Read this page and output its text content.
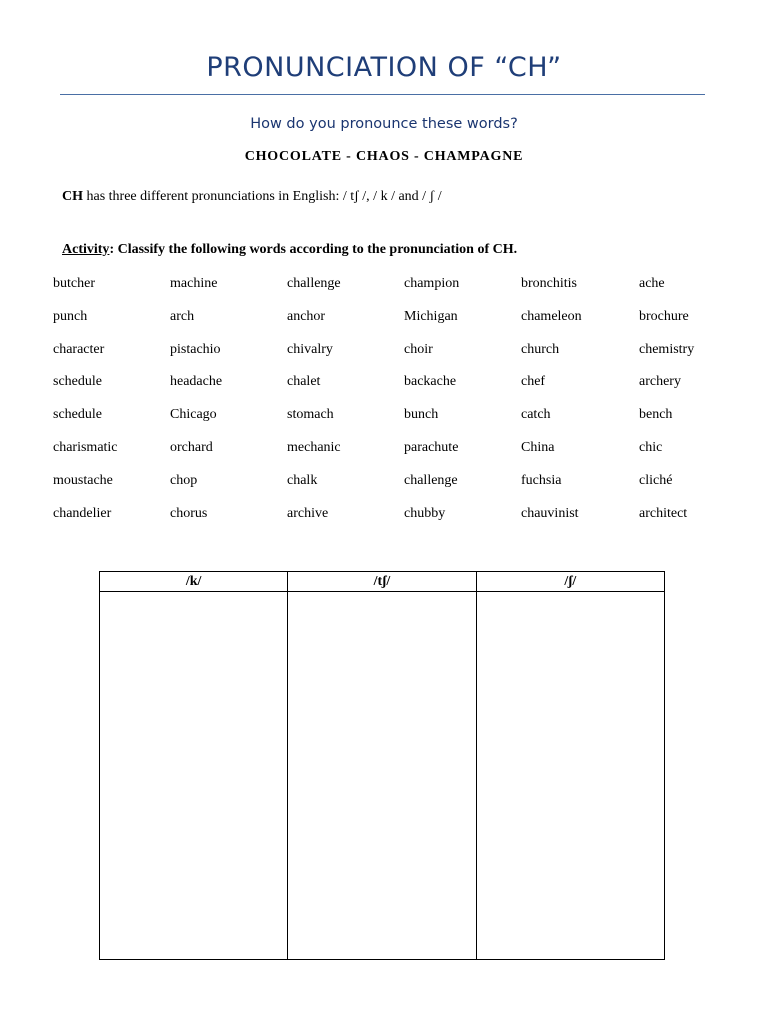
PRONUNCIATION OF “CH”
How do you pronounce these words?
CHOCOLATE - CHAOS - CHAMPAGNE
CH has three different pronunciations in English: / tʃ /, / k / and / ʃ /
Activity: Classify the following words according to the pronunciation of CH.
butcher	machine	challenge	champion	bronchitis	ache
punch	arch	anchor	Michigan	chameleon	brochure
character	pistachio	chivalry	choir	church	chemistry
schedule	headache	chalet	backache	chef	archery
schedule	Chicago	stomach	bunch	catch	bench
charismatic	orchard	mechanic	parachute	China	chic
moustache	chop	chalk	challenge	fuchsia	cliché
chandelier	chorus	archive	chubby	chauvinist	architect
/k/	/tʃ/	/ʃ/
